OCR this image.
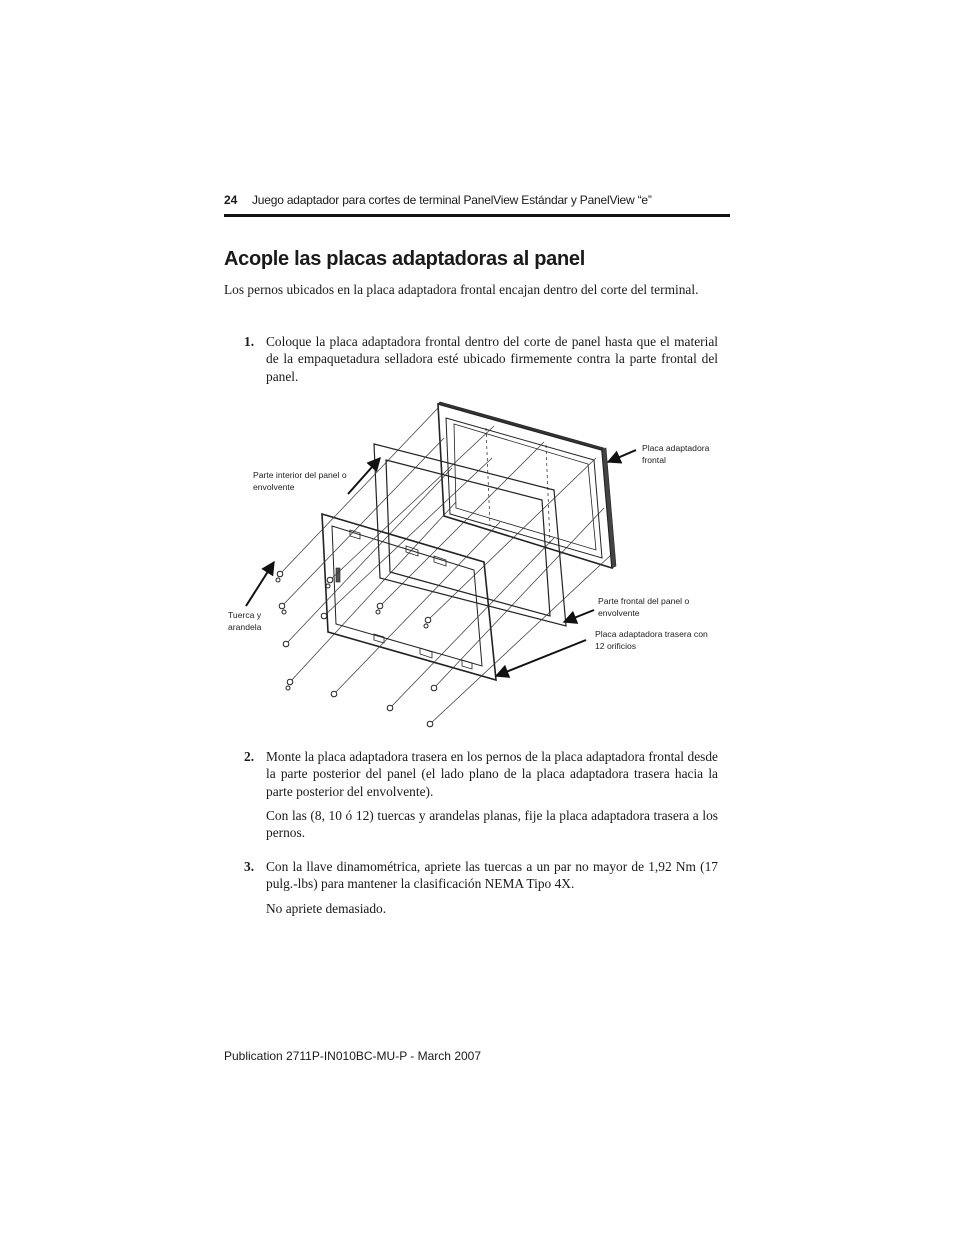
24 Juego adaptador para cortes de terminal PanelView Estándar y PanelView “e”
Acople las placas adaptadoras al panel

Los pernos ubicados en la placa adaptadora frontal encajan dentro del corte del terminal.

1. Coloque la placa adaptadora frontal dentro del corte de panel hasta que el material de la empaquetadura selladora esté ubicado firmemente contra la parte frontal del panel.

Placa adaptadora
frontal
Parte interior del panel o
envolvente
Tuerca y
arandela
Parte frontal del panel o
envolvente
Placa adaptadora trasera con
12 orificios
2. Monte la placa adaptadora trasera en los pernos de la placa adaptadora frontal desde la parte posterior del panel (el lado plano de la placa adaptadora trasera hacia la parte posterior del envolvente).

Con las (8, 10 ó 12) tuercas y arandelas planas, fije la placa adaptadora trasera a los pernos.

3. Con la llave dinamométrica, apriete las tuercas a un par no mayor de 1,92 Nm (17 pulg.-lbs) para mantener la clasificación NEMA Tipo 4X.

No apriete demasiado.

Publication 2711P-IN010BC-MU-P - March 2007
